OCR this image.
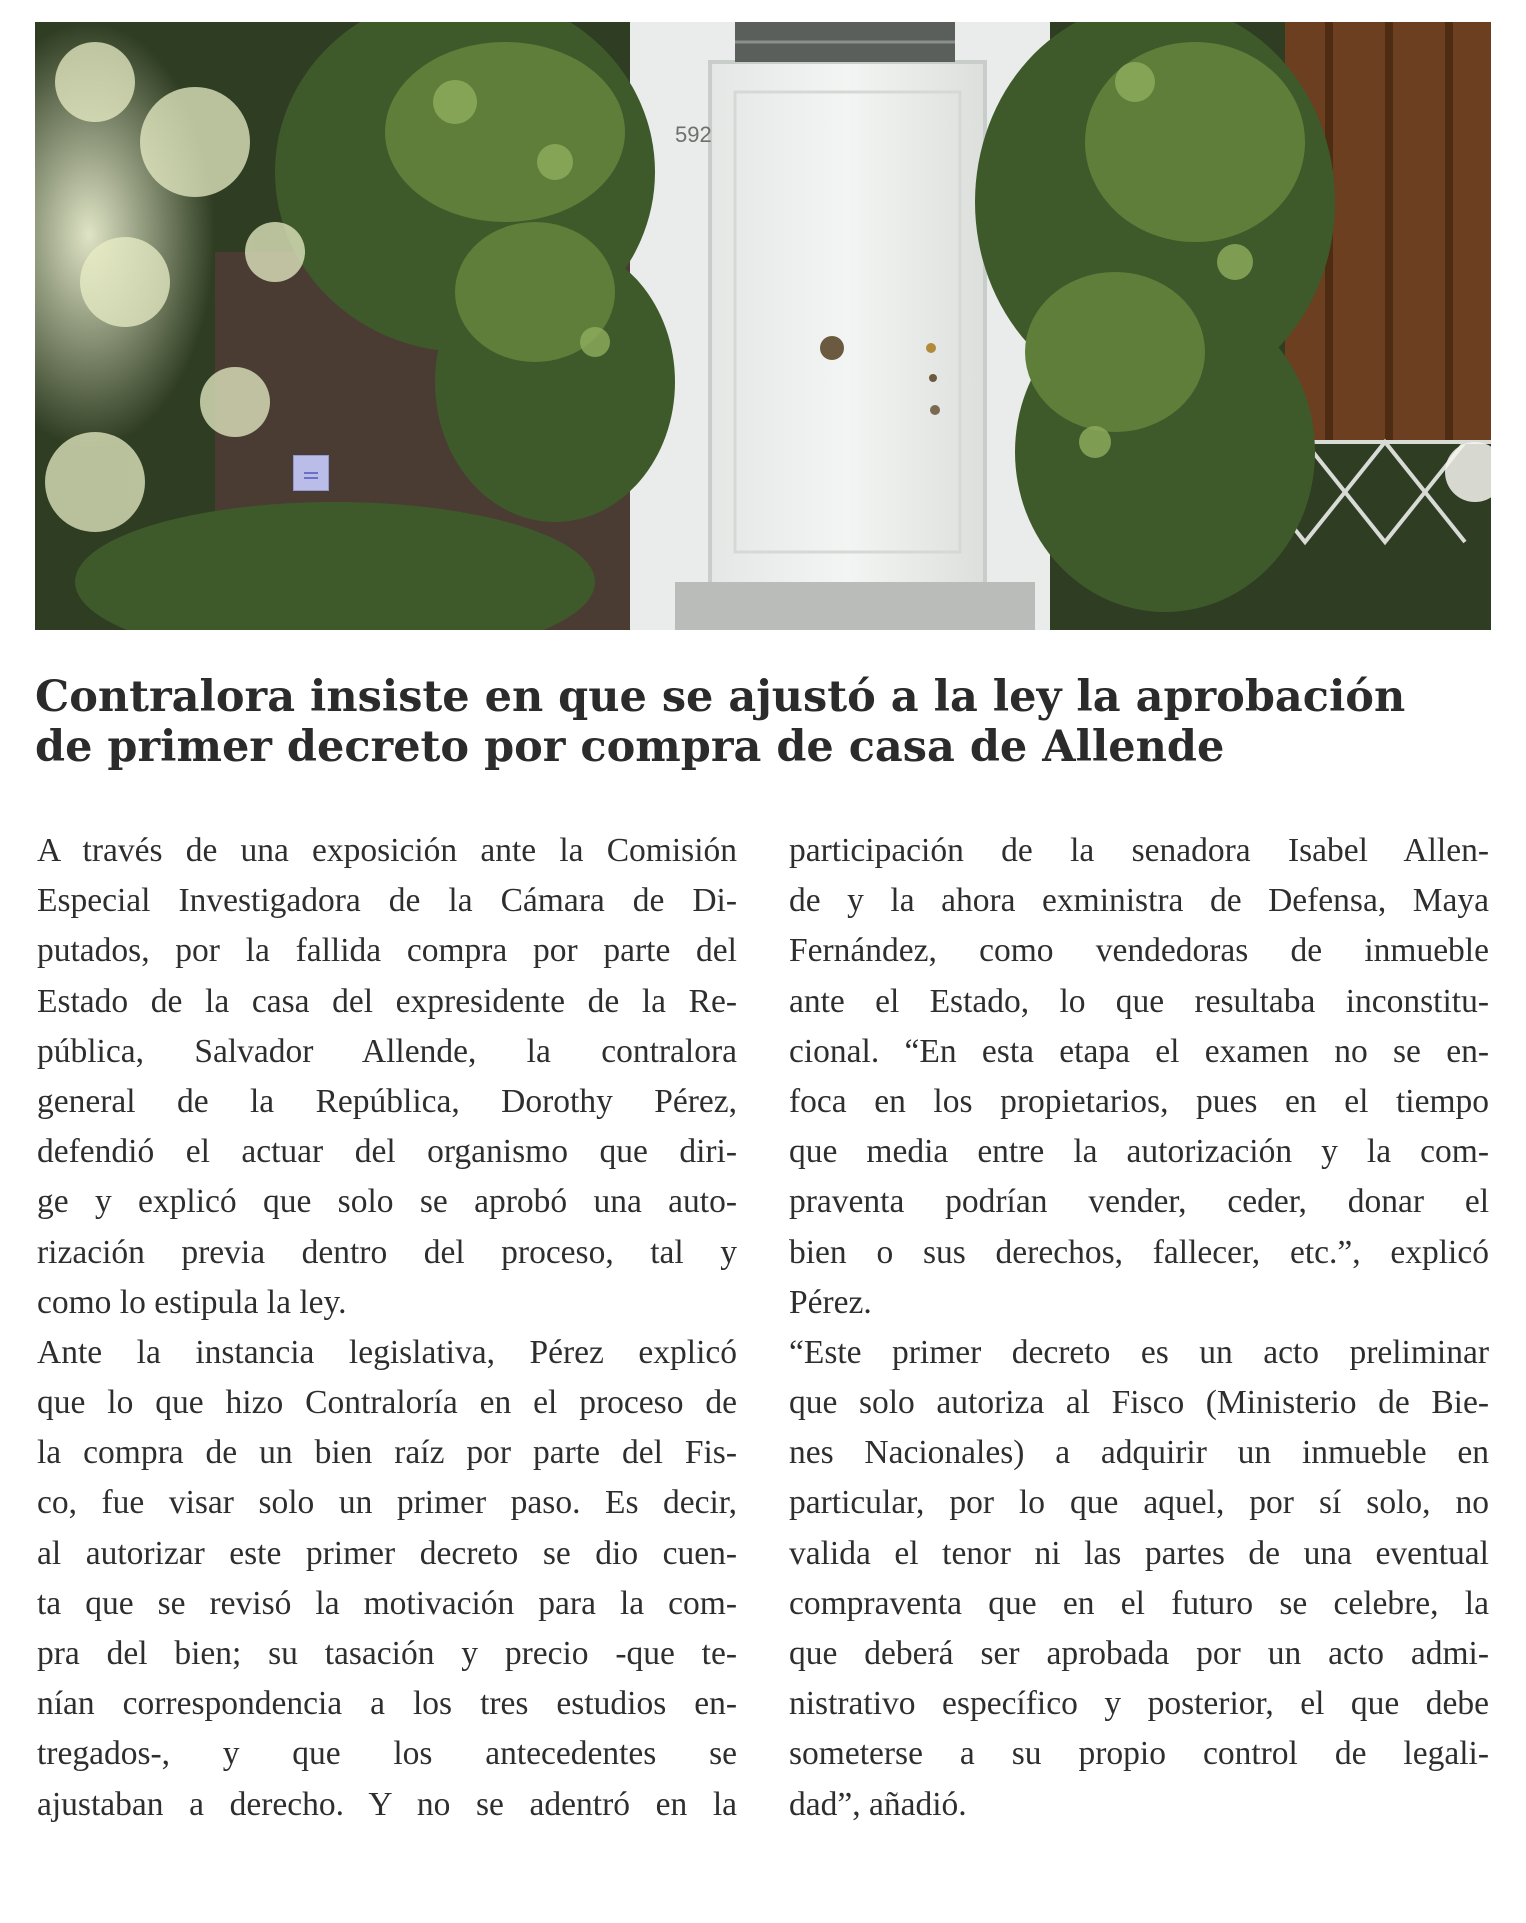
592
Contralora insiste en que se ajustó a la ley la aprobación
de primer decreto por compra de casa de Allende
A través de una exposición ante la Comisión
Especial Investigadora de la Cámara de Di-
putados, por la fallida compra por parte del
Estado de la casa del expresidente de la Re-
pública, Salvador Allende, la contralora
general de la República, Dorothy Pérez,
defendió el actuar del organismo que diri-
ge y explicó que solo se aprobó una auto-
rización previa dentro del proceso, tal y
como lo estipula la ley.
Ante la instancia legislativa, Pérez explicó
que lo que hizo Contraloría en el proceso de
la compra de un bien raíz por parte del Fis-
co, fue visar solo un primer paso. Es decir,
al autorizar este primer decreto se dio cuen-
ta que se revisó la motivación para la com-
pra del bien; su tasación y precio -que te-
nían correspondencia a los tres estudios en-
tregados-, y que los antecedentes se
ajustaban a derecho. Y no se adentró en la
participación de la senadora Isabel Allen-
de y la ahora exministra de Defensa, Maya
Fernández, como vendedoras de inmueble
ante el Estado, lo que resultaba inconstitu-
cional. “En esta etapa el examen no se en-
foca en los propietarios, pues en el tiempo
que media entre la autorización y la com-
praventa podrían vender, ceder, donar el
bien o sus derechos, fallecer, etc.”, explicó
Pérez.
“Este primer decreto es un acto preliminar
que solo autoriza al Fisco (Ministerio de Bie-
nes Nacionales) a adquirir un inmueble en
particular, por lo que aquel, por sí solo, no
valida el tenor ni las partes de una eventual
compraventa que en el futuro se celebre, la
que deberá ser aprobada por un acto admi-
nistrativo específico y posterior, el que debe
someterse a su propio control de legali-
dad”, añadió.
